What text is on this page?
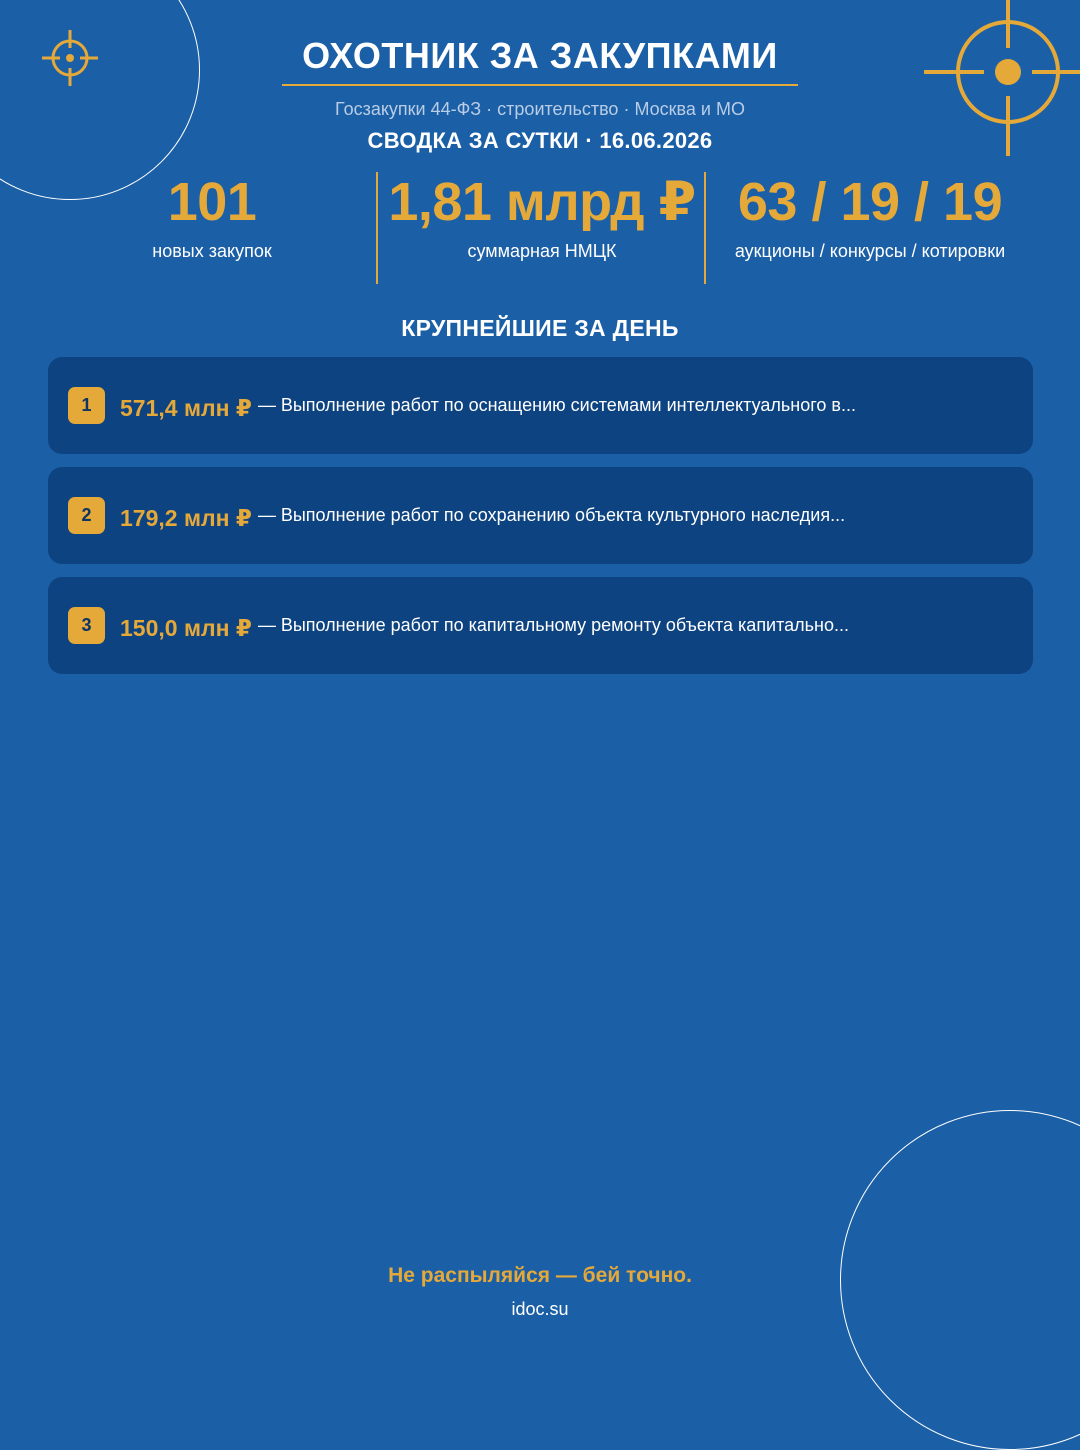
ОХОТНИК ЗА ЗАКУПКАМИ
Госзакупки 44-ФЗ · строительство · Москва и МО
СВОДКА ЗА СУТКИ · 16.06.2026
101
новых закупок
1,81 млрд ₽
суммарная НМЦК
63 / 19 / 19
аукционы / конкурсы / котировки
КРУПНЕЙШИЕ ЗА ДЕНЬ
1	571,4 млн ₽ — Выполнение работ по оснащению системами интеллектуального в...
2	179,2 млн ₽ — Выполнение работ по сохранению объекта культурного наследия...
3	150,0 млн ₽ — Выполнение работ по капитальному ремонту объекта капитально...
Не распыляйся — бей точно.
idoc.su
